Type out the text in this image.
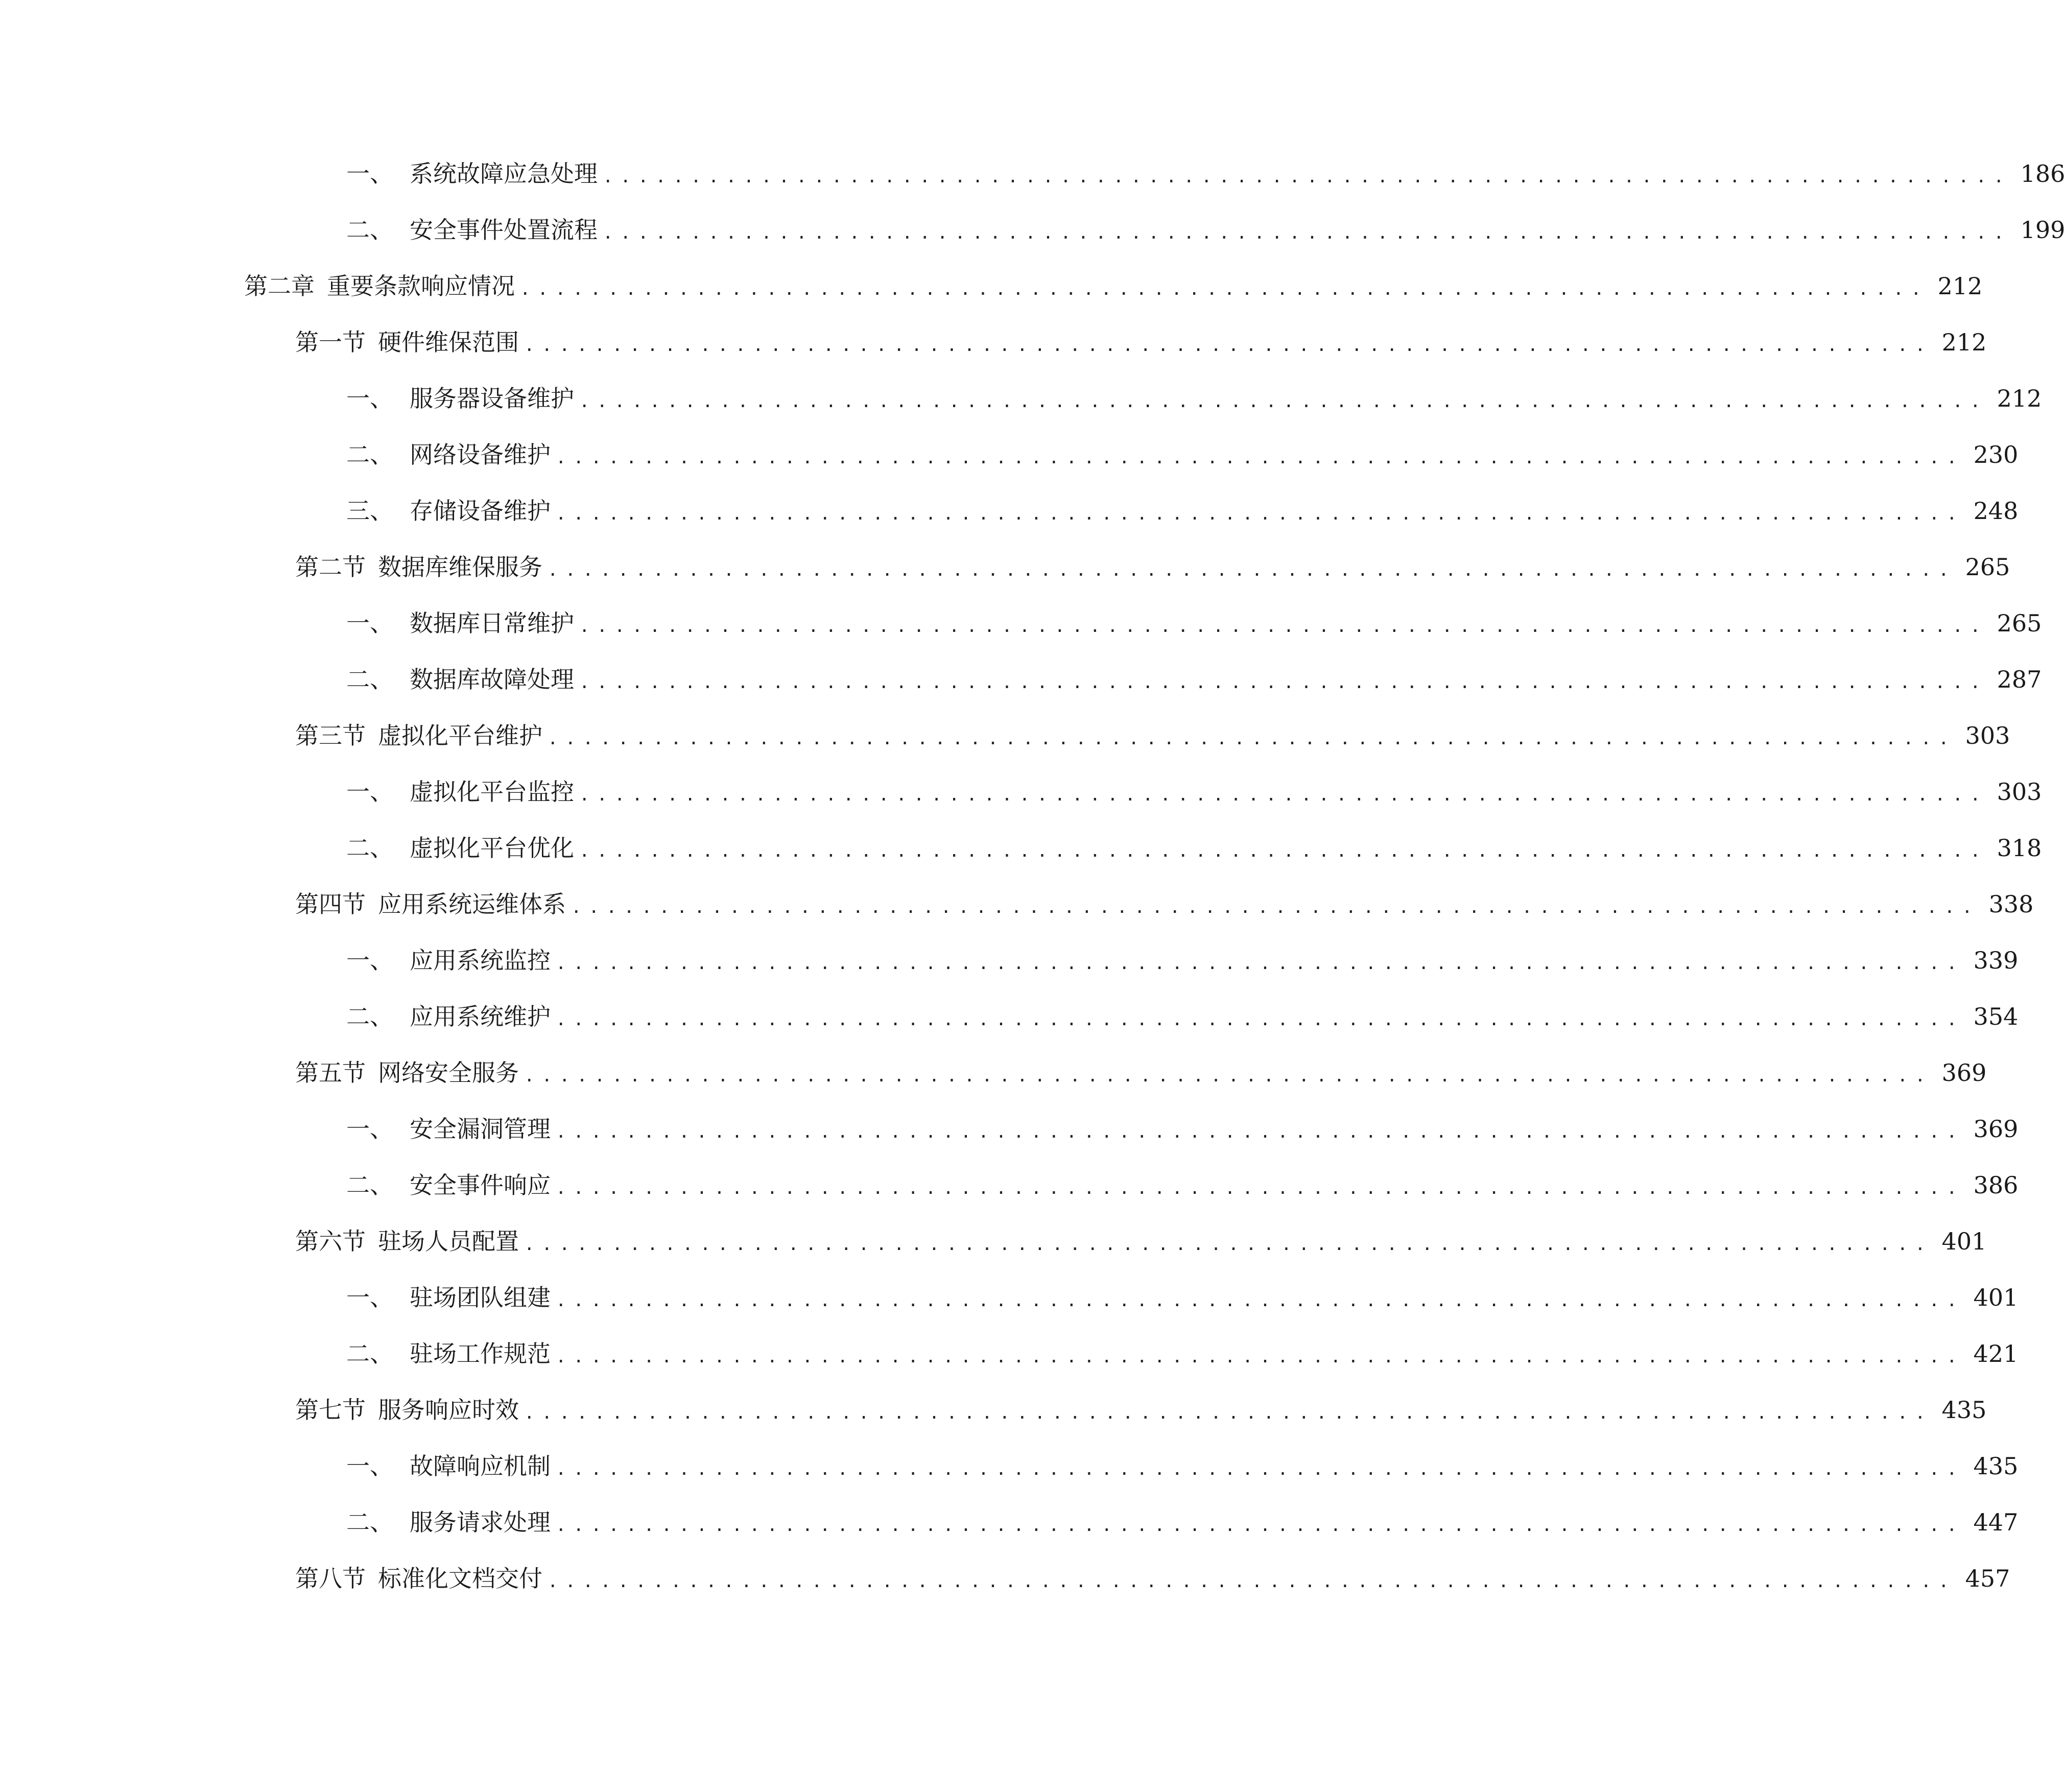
一、 系统故障应急处理 ................................................................................ 186
二、 安全事件处置流程 ................................................................................ 199
第二章 重要条款响应情况 ................................................................................ 212
第一节 硬件维保范围 ................................................................................ 212
一、 服务器设备维护 ................................................................................ 212
二、 网络设备维护 ................................................................................ 230
三、 存储设备维护 ................................................................................ 248
第二节 数据库维保服务 ................................................................................ 265
一、 数据库日常维护 ................................................................................ 265
二、 数据库故障处理 ................................................................................ 287
第三节 虚拟化平台维护 ................................................................................ 303
一、 虚拟化平台监控 ................................................................................ 303
二、 虚拟化平台优化 ................................................................................ 318
第四节 应用系统运维体系 ................................................................................ 338
一、 应用系统监控 ................................................................................ 339
二、 应用系统维护 ................................................................................ 354
第五节 网络安全服务 ................................................................................ 369
一、 安全漏洞管理 ................................................................................ 369
二、 安全事件响应 ................................................................................ 386
第六节 驻场人员配置 ................................................................................ 401
一、 驻场团队组建 ................................................................................ 401
二、 驻场工作规范 ................................................................................ 421
第七节 服务响应时效 ................................................................................ 435
一、 故障响应机制 ................................................................................ 435
二、 服务请求处理 ................................................................................ 447
第八节 标准化文档交付 ................................................................................ 457
